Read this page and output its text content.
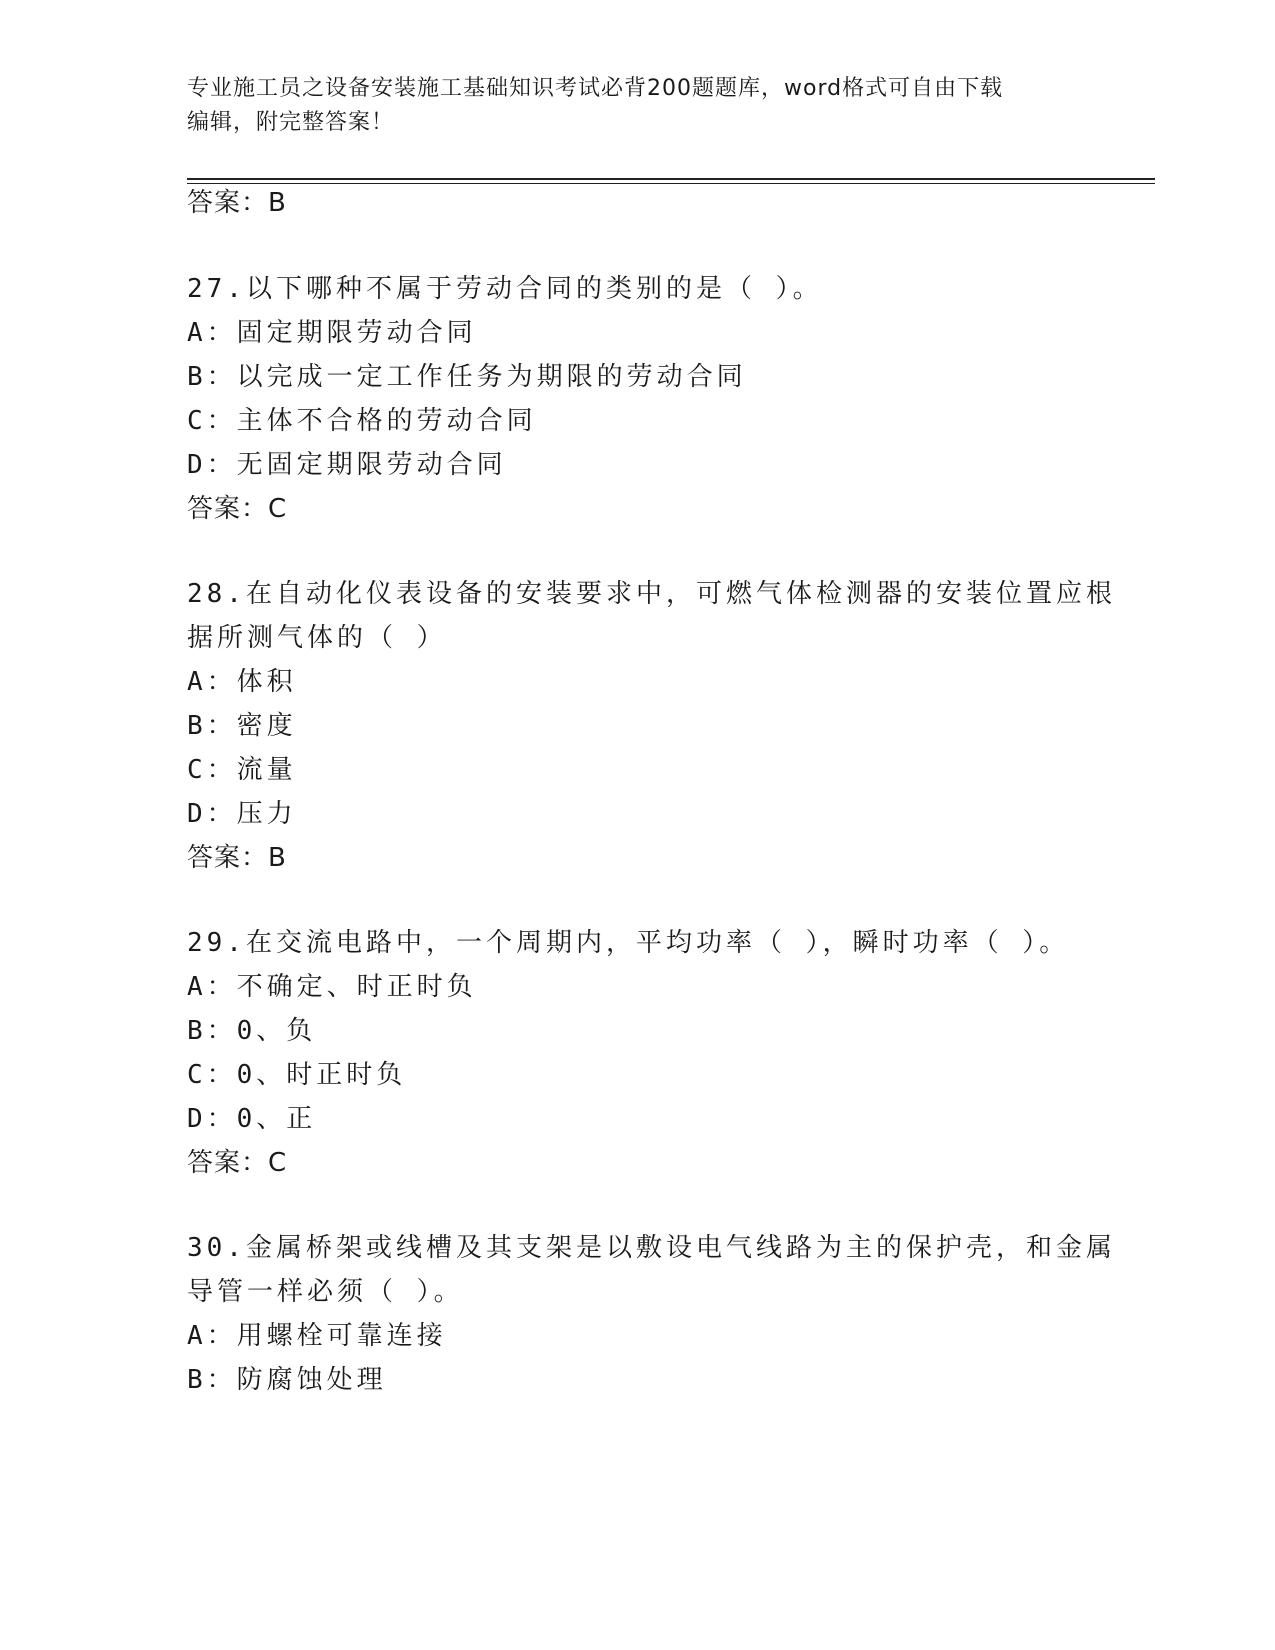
专业施工员之设备安装施工基础知识考试必背200题题库，word格式可自由下载
编辑，附完整答案！
答案：B
27.以下哪种不属于劳动合同的类别的是（ ）。
A：固定期限劳动合同
B：以完成一定工作任务为期限的劳动合同
C：主体不合格的劳动合同
D：无固定期限劳动合同
答案：C
28.在自动化仪表设备的安装要求中，可燃气体检测器的安装位置应根
据所测气体的（ ）
A：体积
B：密度
C：流量
D：压力
答案：B
29.在交流电路中，一个周期内，平均功率（ ），瞬时功率（ ）。
A：不确定、时正时负
B：0、负
C：0、时正时负
D：0、正
答案：C
30.金属桥架或线槽及其支架是以敷设电气线路为主的保护壳，和金属
导管一样必须（ ）。
A：用螺栓可靠连接
B：防腐蚀处理
